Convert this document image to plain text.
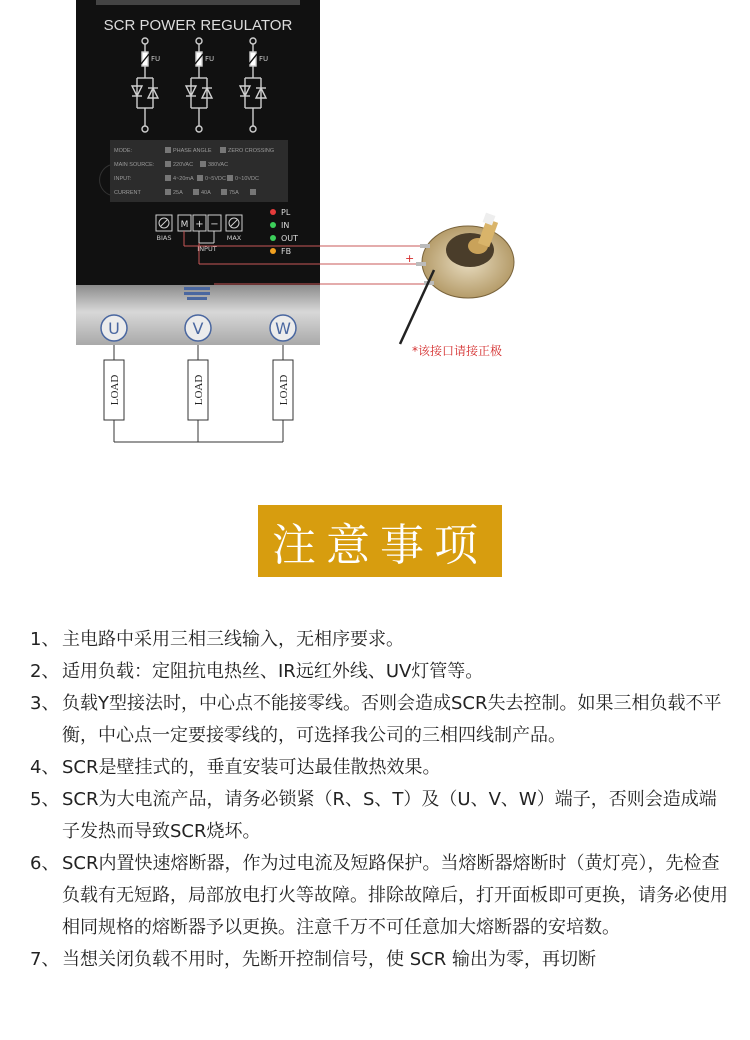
SCR POWER REGULATOR
FU	FU	FU
MODE:	PHASE ANGLE	ZERO CROSSING
MAIN SOURCE:	220VAC	380VAC
INPUT:	4~20mA 0~5VDC 0~10VDC
CURRENT	25A	40A	75A
M + −
BIAS	MAX
INPUT
PL
IN
OUT
FB
U	V	W
LOAD	LOAD	LOAD
+
*该接口请接正极
注意事项

1、 主电路中采用三相三线输入，无相序要求。

2、 适用负载：定阻抗电热丝、IR远红外线、UV灯管等。

3、 负载Y型接法时，中心点不能接零线。否则会造成SCR失去控制。如果三相负载不平衡，中心点一定要接零线的，可选择我公司的三相四线制产品。

4、 SCR是壁挂式的，垂直安装可达最佳散热效果。

5、 SCR为大电流产品，请务必锁紧（R、S、T）及（U、V、W）端子，否则会造成端子发热而导致SCR烧坏。

6、 SCR内置快速熔断器，作为过电流及短路保护。当熔断器熔断时（黄灯亮），先检查负载有无短路，局部放电打火等故障。排除故障后，打开面板即可更换，请务必使用相同规格的熔断器予以更换。注意千万不可任意加大熔断器的安培数。

7、 当想关闭负载不用时，先断开控制信号，使 SCR 输出为零，再切断
